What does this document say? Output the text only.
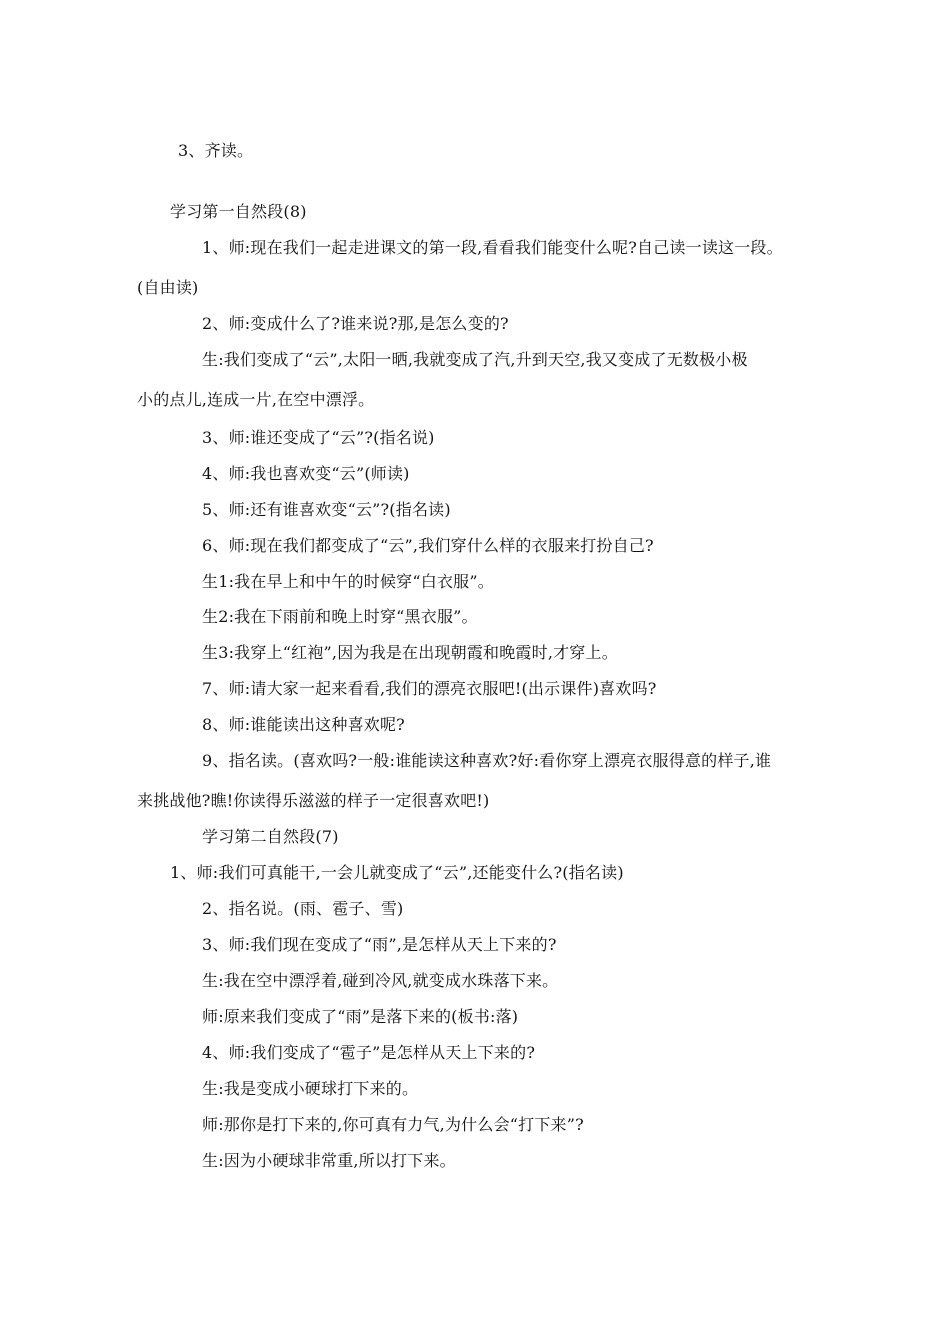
3、齐读。
学习第一自然段(8)
1、师:现在我们一起走进课文的第一段,看看我们能变什么呢?自己读一读这一段。
(自由读)
2、师:变成什么了?谁来说?那,是怎么变的?
生:我们变成了“云”,太阳一晒,我就变成了汽,升到天空,我又变成了无数极小极
小的点儿,连成一片,在空中漂浮。
3、师:谁还变成了“云”?(指名说)
4、师:我也喜欢变“云”(师读)
5、师:还有谁喜欢变“云”?(指名读)
6、师:现在我们都变成了“云”,我们穿什么样的衣服来打扮自己?
生1:我在早上和中午的时候穿“白衣服”。
生2:我在下雨前和晚上时穿“黑衣服”。
生3:我穿上“红袍”,因为我是在出现朝霞和晚霞时,才穿上。
7、师:请大家一起来看看,我们的漂亮衣服吧!(出示课件)喜欢吗?
8、师:谁能读出这种喜欢呢?
9、指名读。(喜欢吗?一般:谁能读这种喜欢?好:看你穿上漂亮衣服得意的样子,谁
来挑战他?瞧!你读得乐滋滋的样子一定很喜欢吧!)
学习第二自然段(7)
1、师:我们可真能干,一会儿就变成了“云”,还能变什么?(指名读)
2、指名说。(雨、雹子、雪)
3、师:我们现在变成了“雨”,是怎样从天上下来的?
生:我在空中漂浮着,碰到冷风,就变成水珠落下来。
师:原来我们变成了“雨”是落下来的(板书:落)
4、师:我们变成了“雹子”是怎样从天上下来的?
生:我是变成小硬球打下来的。
师:那你是打下来的,你可真有力气,为什么会“打下来”?
生:因为小硬球非常重,所以打下来。
